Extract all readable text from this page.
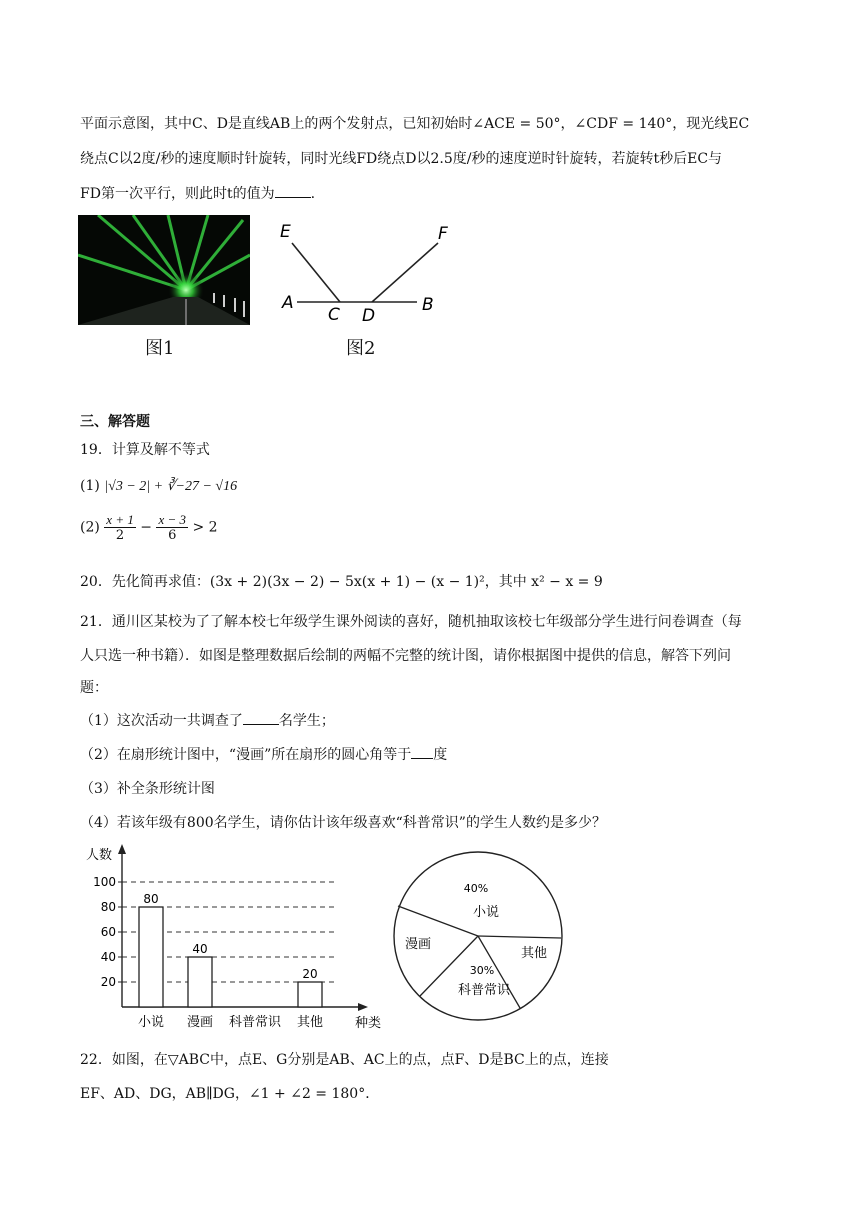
平面示意图，其中C、D是直线AB上的两个发射点，已知初始时∠ACE = 50°，∠CDF = 140°，现光线EC
绕点C以2度/秒的速度顺时针旋转，同时光线FD绕点D以2.5度/秒的速度逆时针旋转，若旋转t秒后EC与
FD第一次平行，则此时t的值为	.
图1
E	F
A	B
C D
图2
三、解答题
19．计算及解不等式
(1) |√3 − 2| + ∛−27 − √16
$(2) \frac{x + 1}{2} - \frac{x - 3}{6} > 2$
20．先化简再求值：(3x + 2)(3x − 2) − 5x(x + 1) − (x − 1)²，其中 x² − x = 9
21．通川区某校为了了解本校七年级学生课外阅读的喜好，随机抽取该校七年级部分学生进行问卷调查（每
人只选一种书籍）．如图是整理数据后绘制的两幅不完整的统计图，请你根据图中提供的信息，解答下列问
题：
（1）这次活动一共调查了	名学生；
（2）在扇形统计图中，“漫画”所在扇形的圆心角等于 度
（3）补全条形统计图
（4）若该年级有800名学生，请你估计该年级喜欢“科普常识”的学生人数约是多少？
人数
种类
20
40
60
80
100
80
40
20
小说 漫画 科普常识 其他
40%
小说
其他
30%
科普常识
漫画
22．如图，在▽ABC中，点E、G分别是AB、AC上的点，点F、D是BC上的点，连接
EF、AD、DG，AB∥DG，∠1 + ∠2 = 180°．
